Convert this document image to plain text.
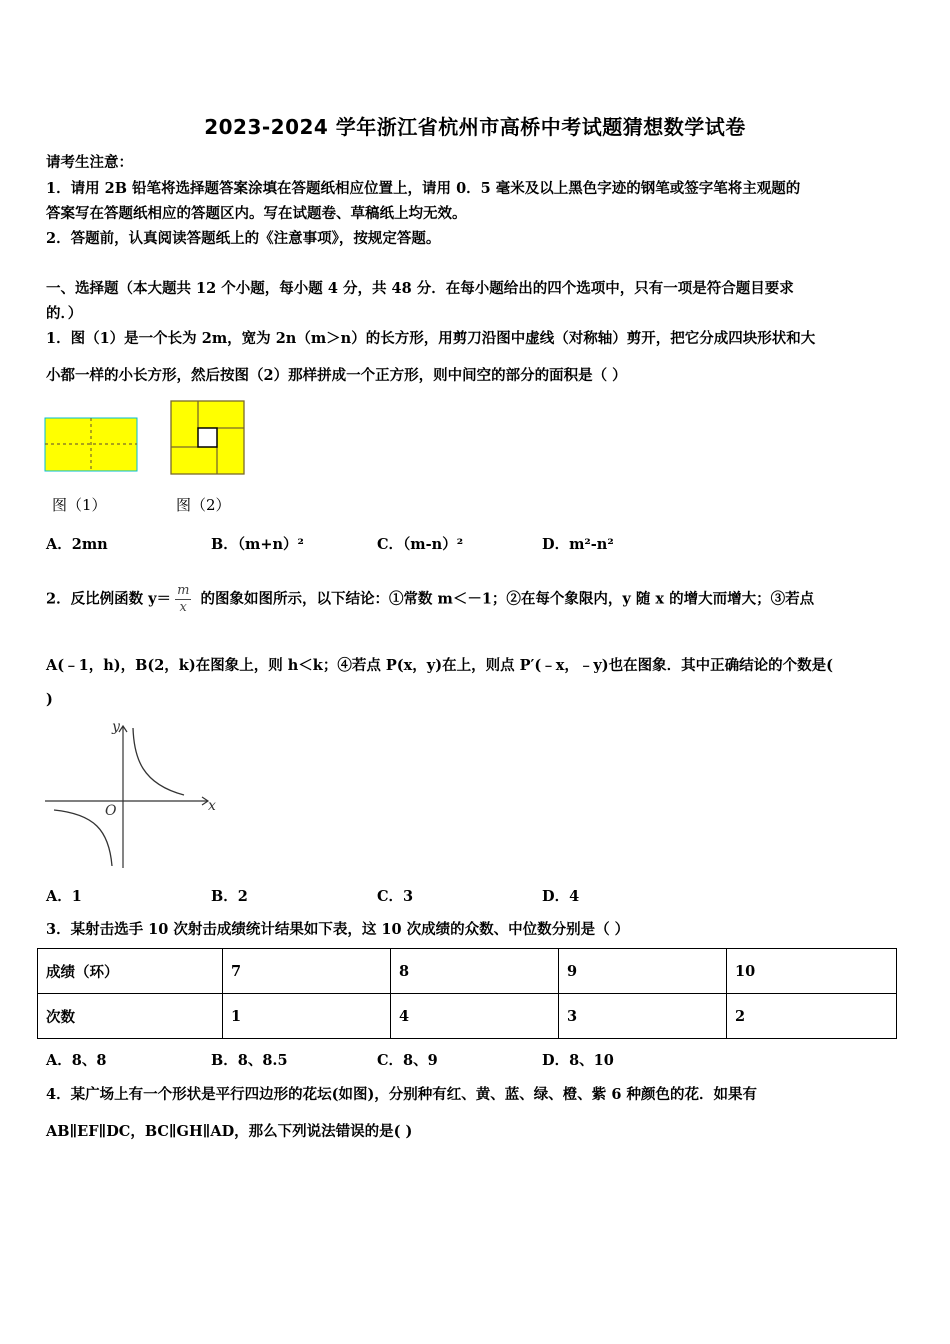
2023-2024 学年浙江省杭州市高桥中考试题猜想数学试卷
请考生注意：
1．请用 2B 铅笔将选择题答案涂填在答题纸相应位置上，请用 0．5 毫米及以上黑色字迹的钢笔或签字笔将主观题的
答案写在答题纸相应的答题区内。写在试题卷、草稿纸上均无效。
2．答题前，认真阅读答题纸上的《注意事项》，按规定答题。
一、选择题（本大题共 12 个小题，每小题 4 分，共 48 分．在每小题给出的四个选项中，只有一项是符合题目要求
的．）
1．图（1）是一个长为 2m，宽为 2n（m＞n）的长方形，用剪刀沿图中虚线（对称轴）剪开，把它分成四块形状和大
小都一样的小长方形，然后按图（2）那样拼成一个正方形，则中间空的部分的面积是（ ）
图（1）	图（2）
A．2mn	B．（m+n）²	C．（m-n）²	D．m²-n²
2．反比例函数 $y= \frac{m}{x}$ 的图象如图所示，以下结论：①常数 m＜－1；②在每个象限内，y 随 x 的增大而增大；③若点
A(﹣1，h)，B(2，k)在图象上，则 h＜k；④若点 P(x，y)在上，则点 P′(﹣x，﹣y)也在图象．其中正确结论的个数是(
)
y
x
O
A．1	B．2	C．3	D．4
3．某射击选手 10 次射击成绩统计结果如下表，这 10 次成绩的众数、中位数分别是（ ）
成绩（环）	7	8	9	10
次数	1	4	3	2
A．8、8	B．8、8.5	C．8、9	D．8、10
4．某广场上有一个形状是平行四边形的花坛(如图)，分别种有红、黄、蓝、绿、橙、紫 6 种颜色的花．如果有
AB∥EF∥DC，BC∥GH∥AD，那么下列说法错误的是( )
